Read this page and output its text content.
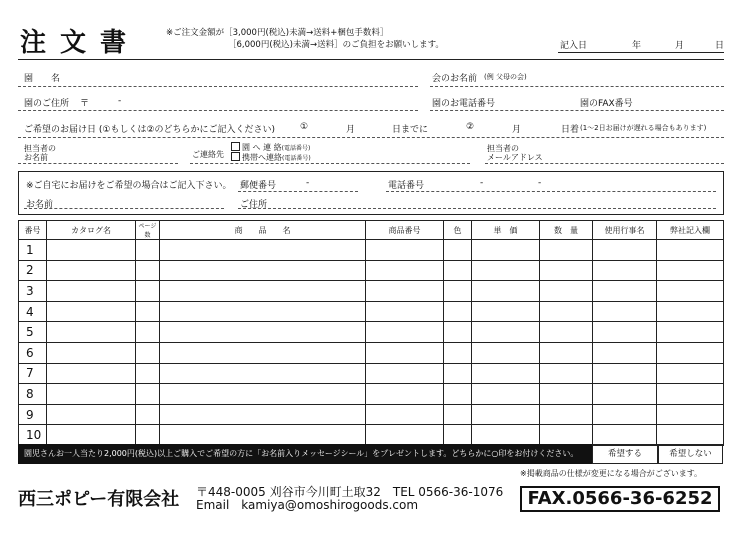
注文書	※ご注文金額が［3,000円(税込)未満→送料+梱包手数料］
［6,000円(税込)未満→送料］のご負担をお願いします。	記入日	年	月	日
園　　名	会のお名前 (例 父母の会)
園のご住所 〒	-	園のお電話番号	園のFAX番号
ご希望のお届け日 (①もしくは②のどちらかにご記入ください)	①	月	日までに	②	月	日着 (1～2日お届けが遅れる場合もあります)
担当者の
お名前	ご連絡先
園 へ 連 絡(電話番号)
携帯へ連絡(電話番号)
担当者の
メールアドレス
※ご自宅にお届けをご希望の場合はご記入下さい。 郵便番号	-	電話番号	-	-
お名前	ご住所
番号	カタログ名	ページ数	商　　品　　名	商品番号	色	単　価	数　量	使用行事名	弊社記入欄
1									
2									
3									
4									
5									
6									
7									
8									
9									
10									
園児さんお一人当たり2,000円(税込)以上ご購入でご希望の方に「お名前入りメッセージシール」をプレゼントします。どちらかに○印をお付けください。	希望する	希望しない
※掲載商品の仕様が変更になる場合がございます。
西三ポピー有限会社 〒448-0005 刈谷市今川町土取32　TEL 0566-36-1076
Email　kamiya@omoshirogoods.com	FAX.0566-36-6252
